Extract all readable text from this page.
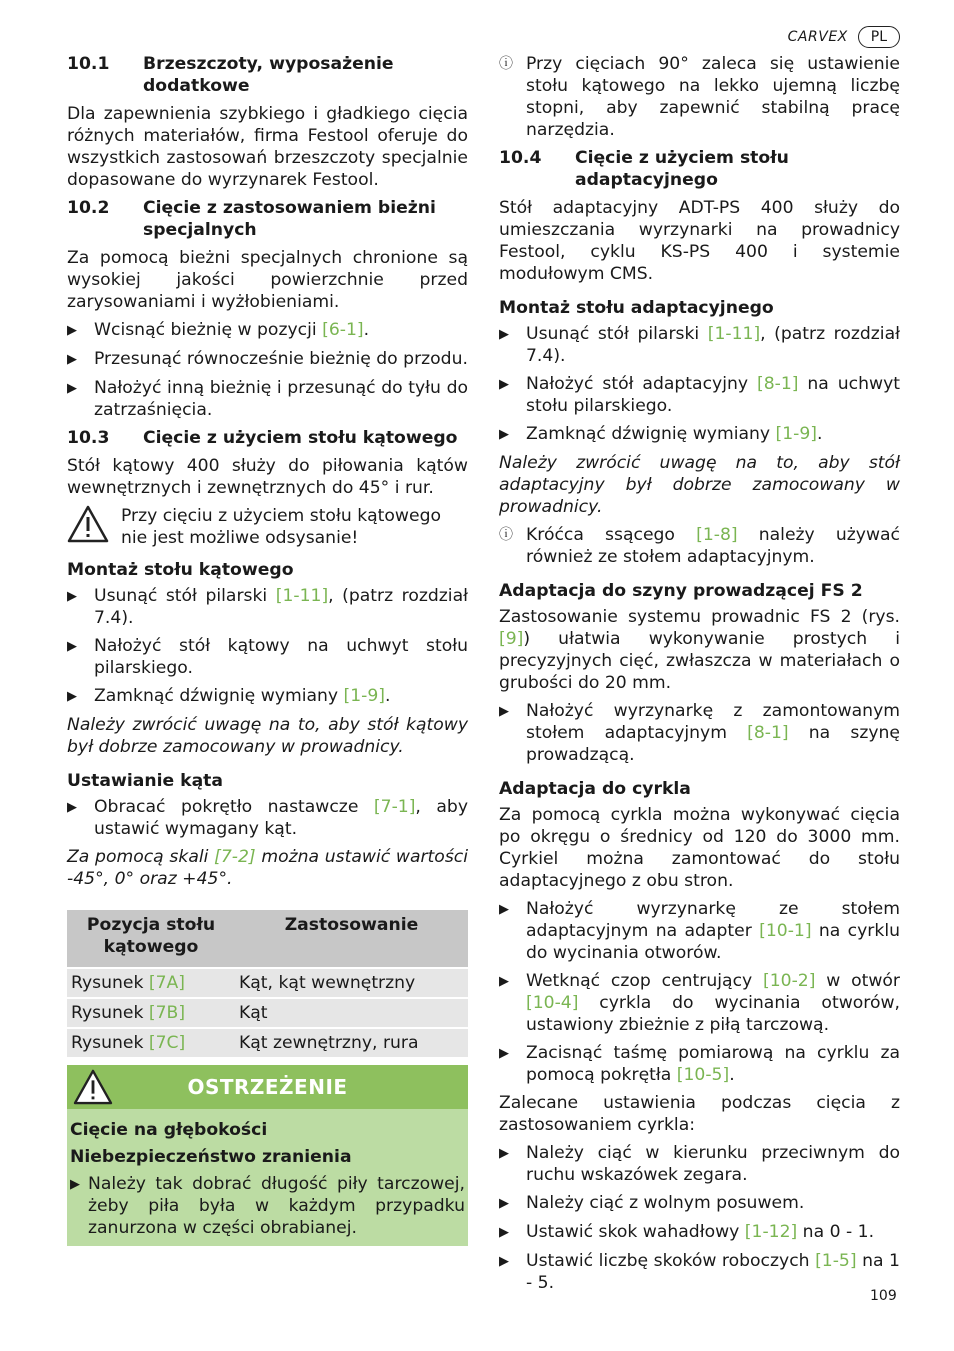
CARVEX	PL
10.1	Brzeszczoty, wyposażenie dodatkowe

Dla zapewnienia szybkiego i gładkiego cięcia różnych materiałów, firma Festool oferuje do wszystkich zastosowań brzeszczoty specjalnie dopasowane do wyrzynarek Festool.

10.2	Cięcie z zastosowaniem bieżni specjalnych

Za pomocą bieżni specjalnych chronione są wysokiej jakości powierzchnie przed zarysowaniami i wyżłobieniami.

▶ Wcisnąć bieżnię w pozycji [6-1].
▶ Przesunąć równocześnie bieżnię do przodu.
▶ Nałożyć inną bieżnię i przesunąć do tyłu do zatrzaśnięcia.
10.3	Cięcie z użyciem stołu kątowego

Stół kątowy 400 służy do piłowania kątów wewnętrznych i zewnętrznych do 45° i rur.

Przy cięciu z użyciem stołu kątowego nie jest możliwe odsysanie!
Montaż stołu kątowego
▶ Usunąć stół pilarski [1-11], (patrz rozdział 7.4).
▶ Nałożyć stół kątowy na uchwyt stołu pilarskiego.
▶ Zamknąć dźwignię wymiany [1-9].

Należy zwrócić uwagę na to, aby stół kątowy był dobrze zamocowany w prowadnicy.

Ustawianie kąta
▶ Obracać pokrętło nastawcze [7-1], aby ustawić wymagany kąt.

Za pomocą skali [7-2] można ustawić wartości -45°, 0° oraz +45°.

Pozycja stołu kątowego	Zastosowanie
Rysunek [7A]	Kąt, kąt wewnętrzny
Rysunek [7B]	Kąt
Rysunek [7C]	Kąt zewnętrzny, rura
OSTRZEŻENIE
Cięcie na głębokości
Niebezpieczeństwo zranienia
▶ Należy tak dobrać długość piły tarczowej, żeby piła była w każdym przypadku zanurzona w części obrabianej.
ⓘ Przy cięciach 90° zaleca się ustawienie stołu kątowego na lekko ujemną liczbę stopni, aby zapewnić stabilną pracę narzędzia.
10.4	Cięcie z użyciem stołu adaptacyjnego

Stół adaptacyjny ADT-PS 400 służy do umieszczania wyrzynarki na prowadnicy Festool, cyklu KS-PS 400 i systemie modułowym CMS.

Montaż stołu adaptacyjnego
▶ Usunąć stół pilarski [1-11], (patrz rozdział 7.4).
▶ Nałożyć stół adaptacyjny [8-1] na uchwyt stołu pilarskiego.
▶ Zamknąć dźwignię wymiany [1-9].

Należy zwrócić uwagę na to, aby stół adaptacyjny był dobrze zamocowany w prowadnicy.

ⓘ Króćca ssącego [1-8] należy używać również ze stołem adaptacyjnym.
Adaptacja do szyny prowadzącej FS 2

Zastosowanie systemu prowadnic FS 2 (rys. [9]) ułatwia wykonywanie prostych i precyzyjnych cięć, zwłaszcza w materiałach o grubości do 20 mm.

▶ Nałożyć wyrzynarkę z zamontowanym stołem adaptacyjnym [8-1] na szynę prowadzącą.
Adaptacja do cyrkla

Za pomocą cyrkla można wykonywać cięcia po okręgu o średnicy od 120 do 3000 mm. Cyrkiel można zamontować do stołu adaptacyjnego z obu stron.

▶ Nałożyć wyrzynarkę ze stołem adaptacyjnym na adapter [10-1] na cyrklu do wycinania otworów.
▶ Wetknąć czop centrujący [10-2] w otwór [10-4] cyrkla do wycinania otworów, ustawiony zbieżnie z piłą tarczową.
▶ Zacisnąć taśmę pomiarową na cyrklu za pomocą pokrętła [10-5].

Zalecane ustawienia podczas cięcia z zastosowaniem cyrkla:

▶ Należy ciąć w kierunku przeciwnym do ruchu wskazówek zegara.
▶ Należy ciąć z wolnym posuwem.
▶ Ustawić skok wahadłowy [1-12] na 0 - 1.
▶ Ustawić liczbę skoków roboczych [1-5] na 1 - 5.
109
